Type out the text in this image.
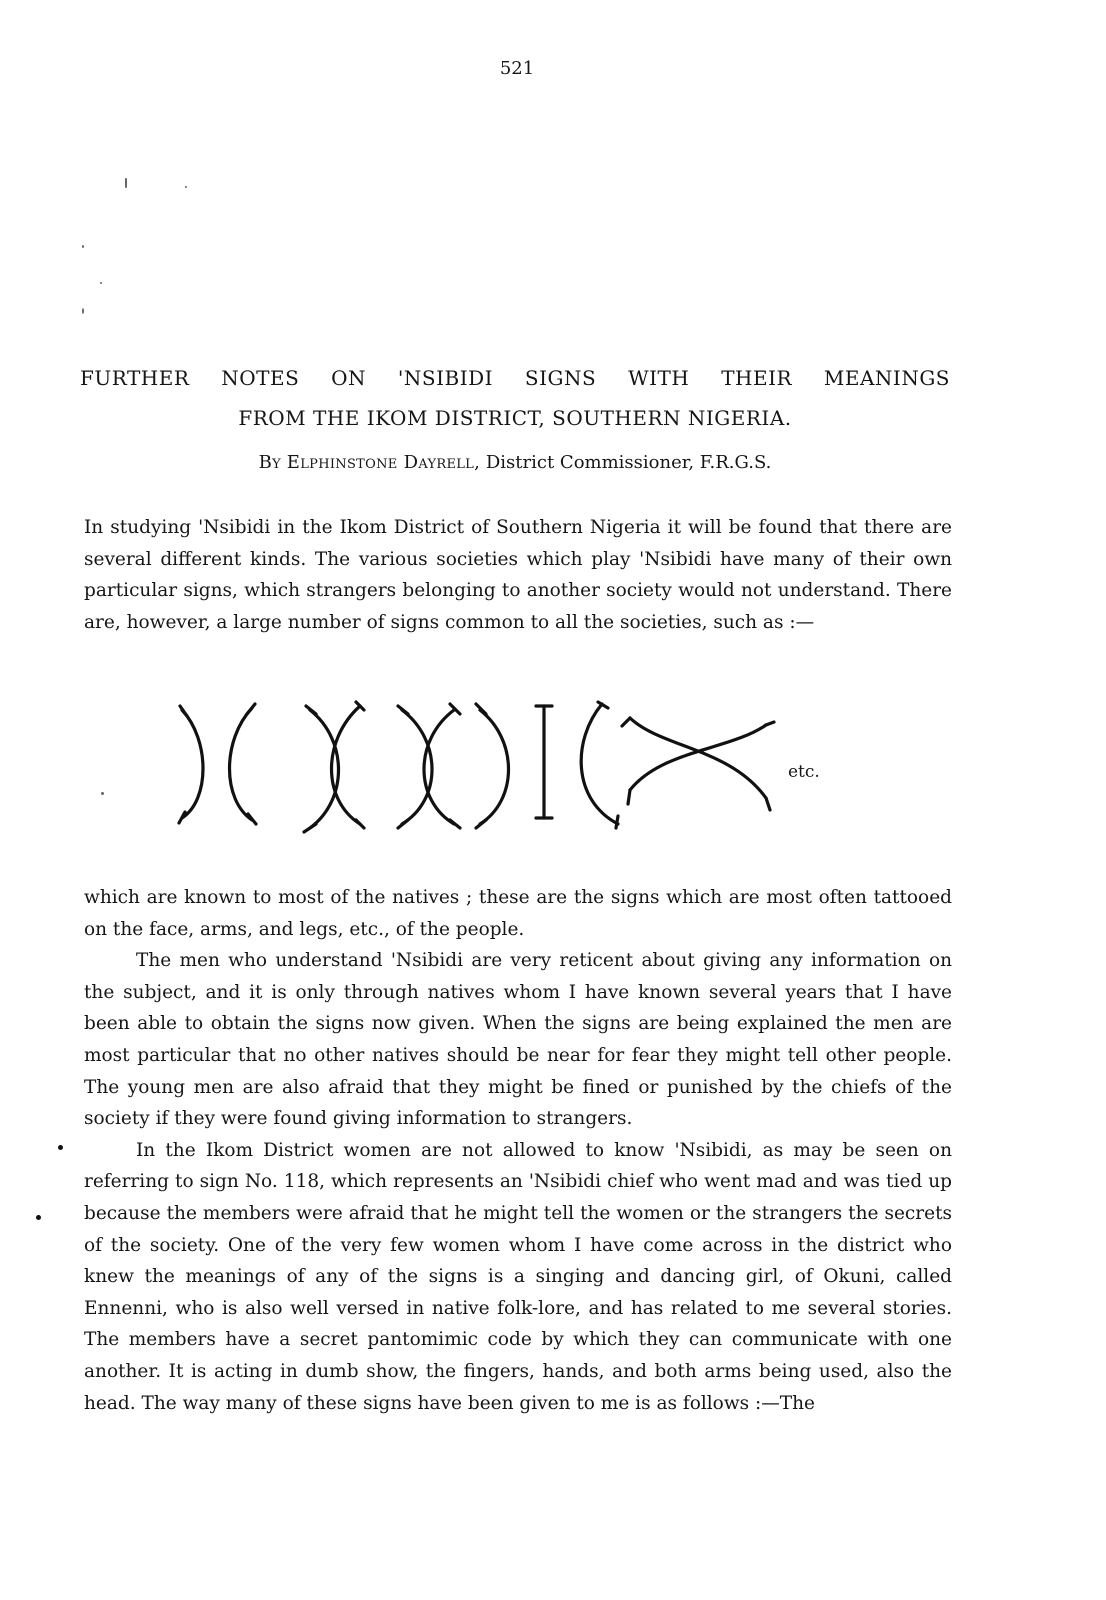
521
FURTHER NOTES ON 'NSIBIDI SIGNS WITH THEIR MEANINGS
FROM THE IKOM DISTRICT, SOUTHERN NIGERIA.
By Elphinstone Dayrell, District Commissioner, F.R.G.S.

In studying 'Nsibidi in the Ikom District of Southern Nigeria it will be found that there are several different kinds. The various societies which play 'Nsibidi have many of their own particular signs, which strangers belonging to another society would not understand. There are, however, a large number of signs common to all the societies, such as :—

etc.

which are known to most of the natives ; these are the signs which are most often tattooed on the face, arms, and legs, etc., of the people.

The men who understand 'Nsibidi are very reticent about giving any information on the subject, and it is only through natives whom I have known several years that I have been able to obtain the signs now given. When the signs are being explained the men are most particular that no other natives should be near for fear they might tell other people. The young men are also afraid that they might be fined or punished by the chiefs of the society if they were found giving information to strangers.

In the Ikom District women are not allowed to know 'Nsibidi, as may be seen on referring to sign No. 118, which represents an 'Nsibidi chief who went mad and was tied up because the members were afraid that he might tell the women or the strangers the secrets of the society. One of the very few women whom I have come across in the district who knew the meanings of any of the signs is a singing and dancing girl, of Okuni, called Ennenni, who is also well versed in native folk-lore, and has related to me several stories. The members have a secret pantomimic code by which they can communicate with one another. It is acting in dumb show, the fingers, hands, and both arms being used, also the head. The way many of these signs have been given to me is as follows :—The
